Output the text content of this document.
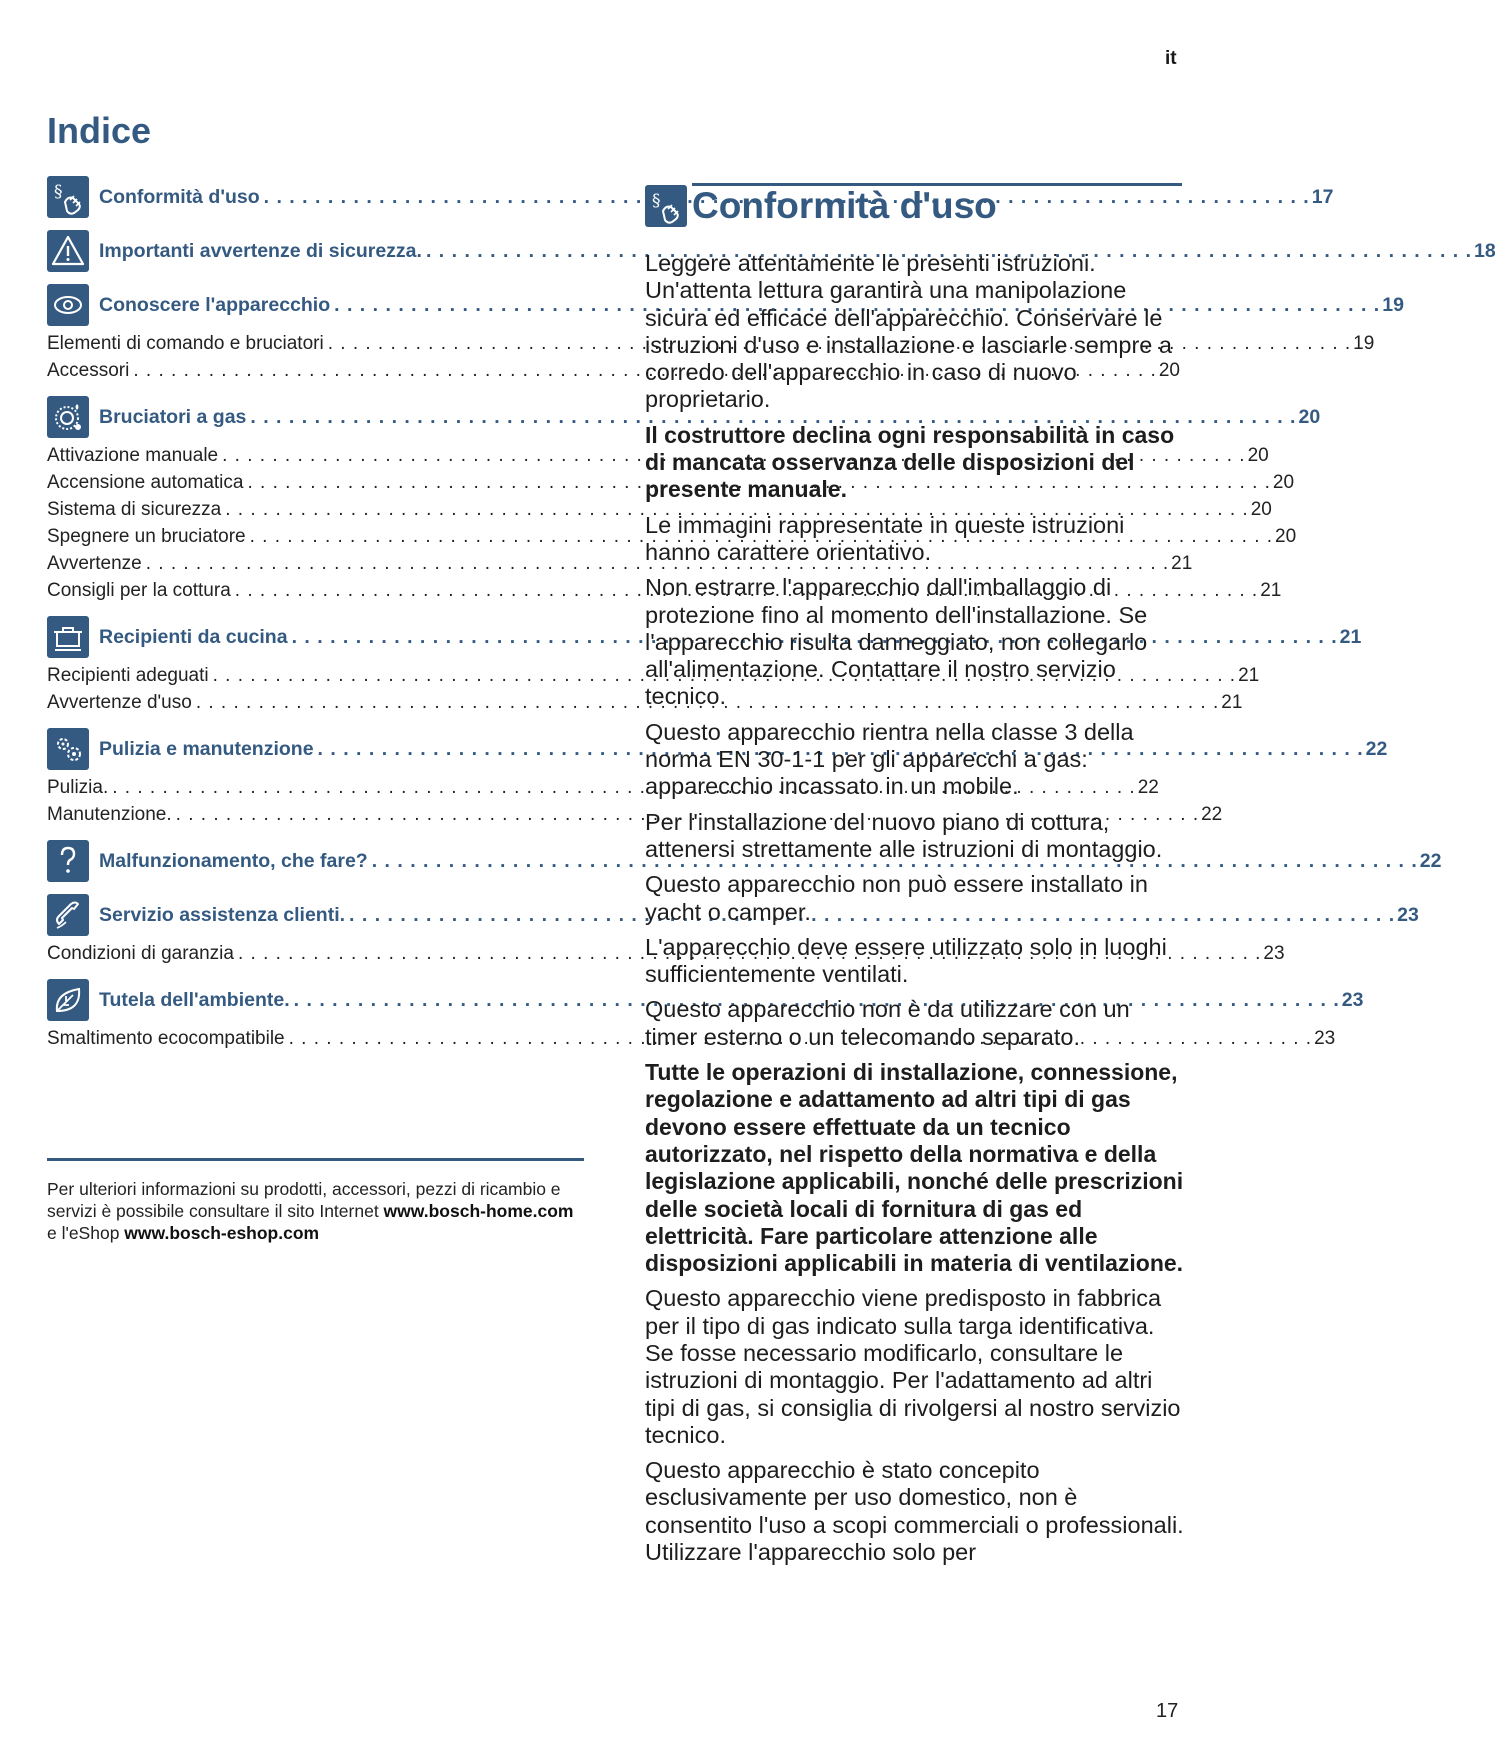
it
Indice
§ Conformità d'uso . . .	17
Importanti avvertenze di sicurezza. . . .	18
Conoscere l'apparecchio . . .	19
Elementi di comando e bruciatori . . .	19
Accessori . . .	20
Bruciatori a gas . . .	20
Attivazione manuale . . .	20
Accensione automatica . . .	20
Sistema di sicurezza . . .	20
Spegnere un bruciatore . . .	20
Avvertenze . . .	21
Consigli per la cottura . . .	21
Recipienti da cucina . . .	21
Recipienti adeguati . . .	21
Avvertenze d'uso . . .	21
Pulizia e manutenzione . . .	22
Pulizia. . . .	22
Manutenzione. . . .	22
Malfunzionamento, che fare? . . .	22
Servizio assistenza clienti. . . .	23
Condizioni di garanzia . . .	23
Tutela dell'ambiente. . . .	23
Smaltimento ecocompatibile . . .	23
Per ulteriori informazioni su prodotti, accessori, pezzi di ricambio e servizi è possibile consultare il sito Internet www.bosch-home.com e l'eShop www.bosch-eshop.com
§ Conformità d'uso

Leggere attentamente le presenti istruzioni. Un'attenta lettura garantirà una manipolazione sicura ed efficace dell'apparecchio. Conservare le istruzioni d'uso e installazione e lasciarle sempre a corredo dell'apparecchio in caso di nuovo proprietario.

Il costruttore declina ogni responsabilità in caso di mancata osservanza delle disposizioni del presente manuale.

Le immagini rappresentate in queste istruzioni hanno carattere orientativo.

Non estrarre l'apparecchio dall'imballaggio di protezione fino al momento dell'installazione. Se l'apparecchio risulta danneggiato, non collegarlo all'alimentazione. Contattare il nostro servizio tecnico.

Questo apparecchio rientra nella classe 3 della norma EN 30-1-1 per gli apparecchi a gas: apparecchio incassato in un mobile.

Per l'installazione del nuovo piano di cottura, attenersi strettamente alle istruzioni di montaggio.

Questo apparecchio non può essere installato in yacht o camper.

L'apparecchio deve essere utilizzato solo in luoghi sufficientemente ventilati.

Questo apparecchio non è da utilizzare con un timer esterno o un telecomando separato.

Tutte le operazioni di installazione, connessione, regolazione e adattamento ad altri tipi di gas devono essere effettuate da un tecnico autorizzato, nel rispetto della normativa e della legislazione applicabili, nonché delle prescrizioni delle società locali di fornitura di gas ed elettricità. Fare particolare attenzione alle disposizioni applicabili in materia di ventilazione.

Questo apparecchio viene predisposto in fabbrica per il tipo di gas indicato sulla targa identificativa. Se fosse necessario modificarlo, consultare le istruzioni di montaggio. Per l'adattamento ad altri tipi di gas, si consiglia di rivolgersi al nostro servizio tecnico.

Questo apparecchio è stato concepito esclusivamente per uso domestico, non è consentito l'uso a scopi commerciali o professionali. Utilizzare l'apparecchio solo per

17
